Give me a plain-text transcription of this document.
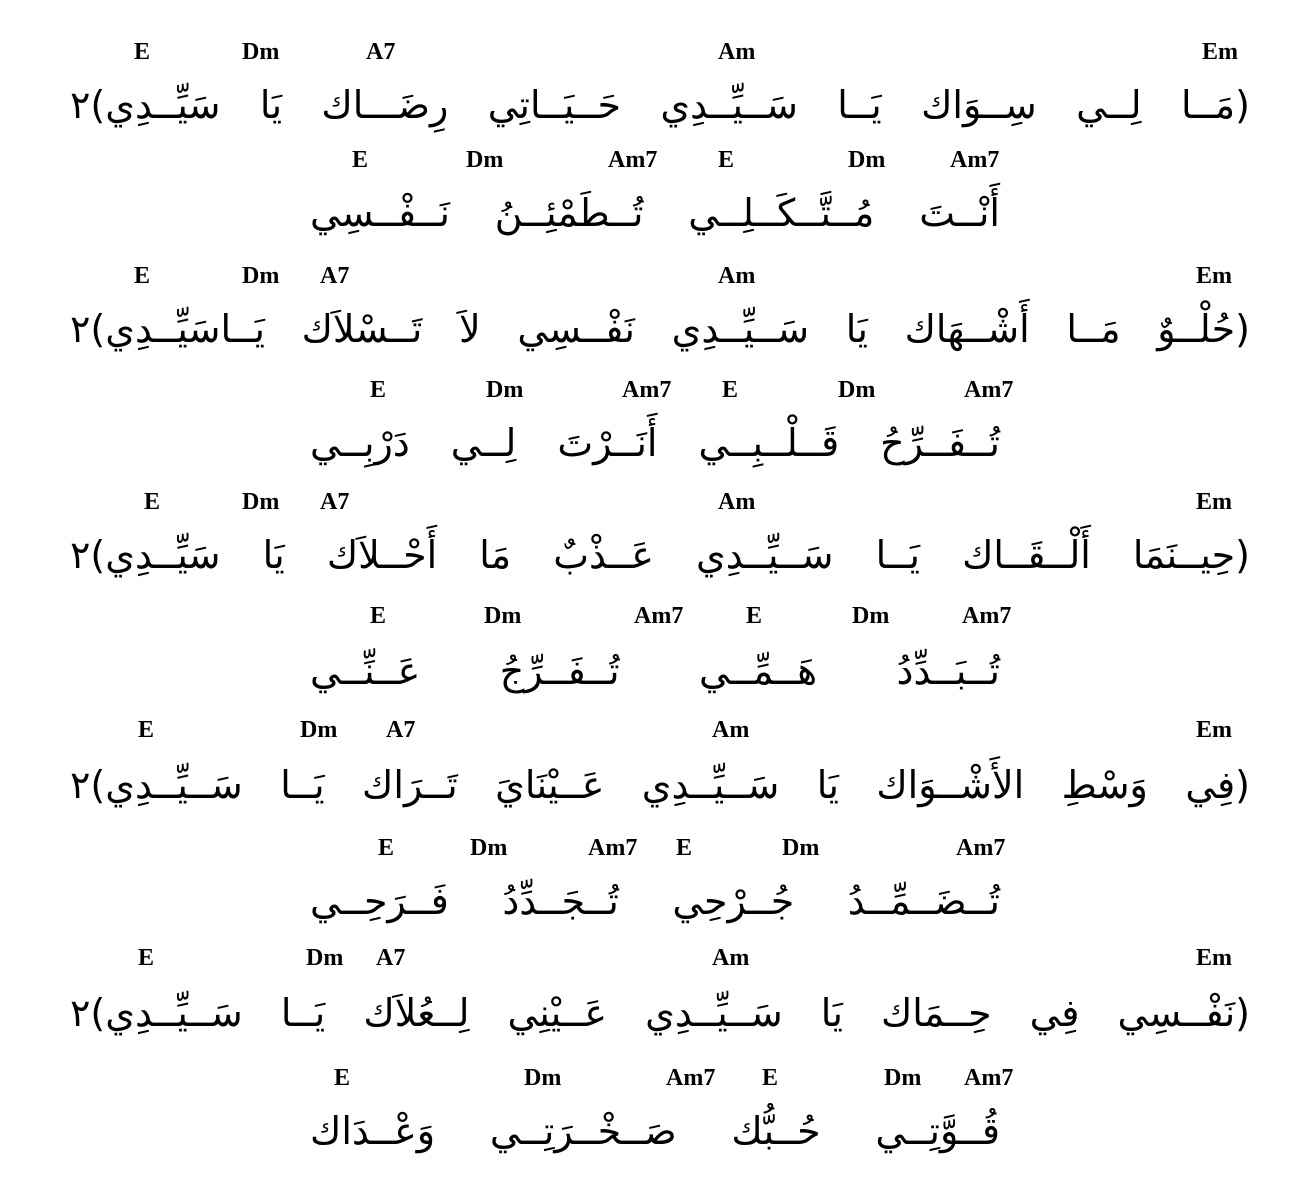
E	Dm	A7	Am	Em
(مَــا لِــي سِــوَاك يَــا سَــيِّــدِي حَــيَــاتِي رِضَـــاك يَا سَيِّــدِي)٢
E	Dm	Am7	E	Dm	Am7
أَنْــتَ مُــتَّــكَــلِــي تُــطَمْئِــنُ نَــفْــسِي
E	Dm A7	Am	Em
(حُلْــوٌ مَــا أَشْــهَاك يَا سَــيِّــدِي نَفْــسِي لاَ تَــسْلاَك يَــاسَيِّــدِي)٢
E	Dm	Am7 E	Dm	Am7
تُــفَــرِّحُ قَــلْــبِــي أَنَــرْتَ لِــي دَرْبِــي
E	Dm A7	Am	Em
(حِيــنَمَا أَلْــقَــاك يَــا سَــيِّــدِي عَــذْبٌ مَا أَحْــلاَك يَا سَيِّــدِي)٢
E	Dm	Am7	E	Dm	Am7
تُــبَــدِّدُ هَــمِّــي تُــفَــرِّجُ عَــنِّــي
E	Dm A7	Am	Em
(فِي وَسْطِ الأَشْــوَاك يَا سَــيِّــدِي عَــيْنَايَ تَــرَاك يَــا سَــيِّــدِي)٢
E	Dm	Am7 E	Dm	Am7
تُــضَــمِّــدُ جُــرْحِي تُــجَــدِّدُ فَــرَحِــي
E	Dm A7	Am	Em
(نَفْــسِي فِي حِــمَاك يَا سَــيِّــدِي عَــيْنِي لِــعُلاَك يَــا سَــيِّــدِي)٢
E	Dm	Am7 E	Dm Am7
قُــوَّتِــي حُــبُّك صَــخْــرَتِــي وَعْــدَاك
